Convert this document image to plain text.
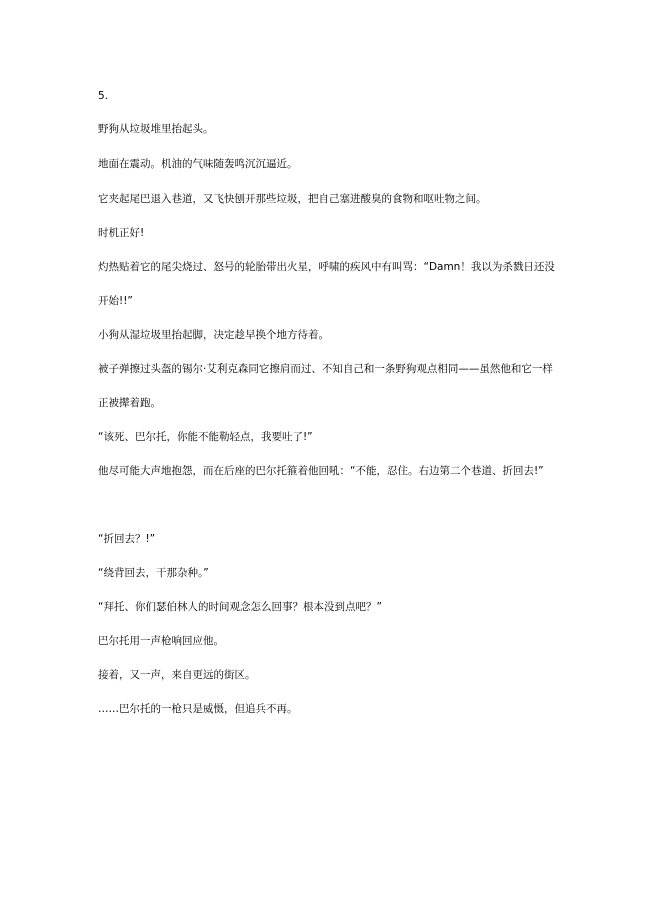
5.

野狗从垃圾堆里抬起头。

地面在震动。机油的气味随轰鸣沉沉逼近。

它夹起尾巴退入巷道，又飞快刨开那些垃圾，把自己塞进酸臭的食物和呕吐物之间。

时机正好!

灼热贴着它的尾尖烧过、怒号的轮胎带出火星，呼啸的疾风中有叫骂：“Damn！我以为杀戮日还没开始!!”

小狗从湿垃圾里抬起脚，决定趁早换个地方待着。

被子弹擦过头盔的锡尔·艾利克森同它擦肩而过、不知自己和一条野狗观点相同——虽然他和它一样正被撵着跑。

“该死、巴尔托，你能不能勒轻点，我要吐了!”

他尽可能大声地抱怨，而在后座的巴尔托箍着他回吼：“不能，忍住。右边第二个巷道、折回去!”

“折回去？!”

“绕背回去，干那杂种。”

“拜托、你们瑟伯林人的时间观念怎么回事？根本没到点吧？”

巴尔托用一声枪响回应他。

接着，又一声，来自更远的街区。

……巴尔托的一枪只是威慑，但追兵不再。
